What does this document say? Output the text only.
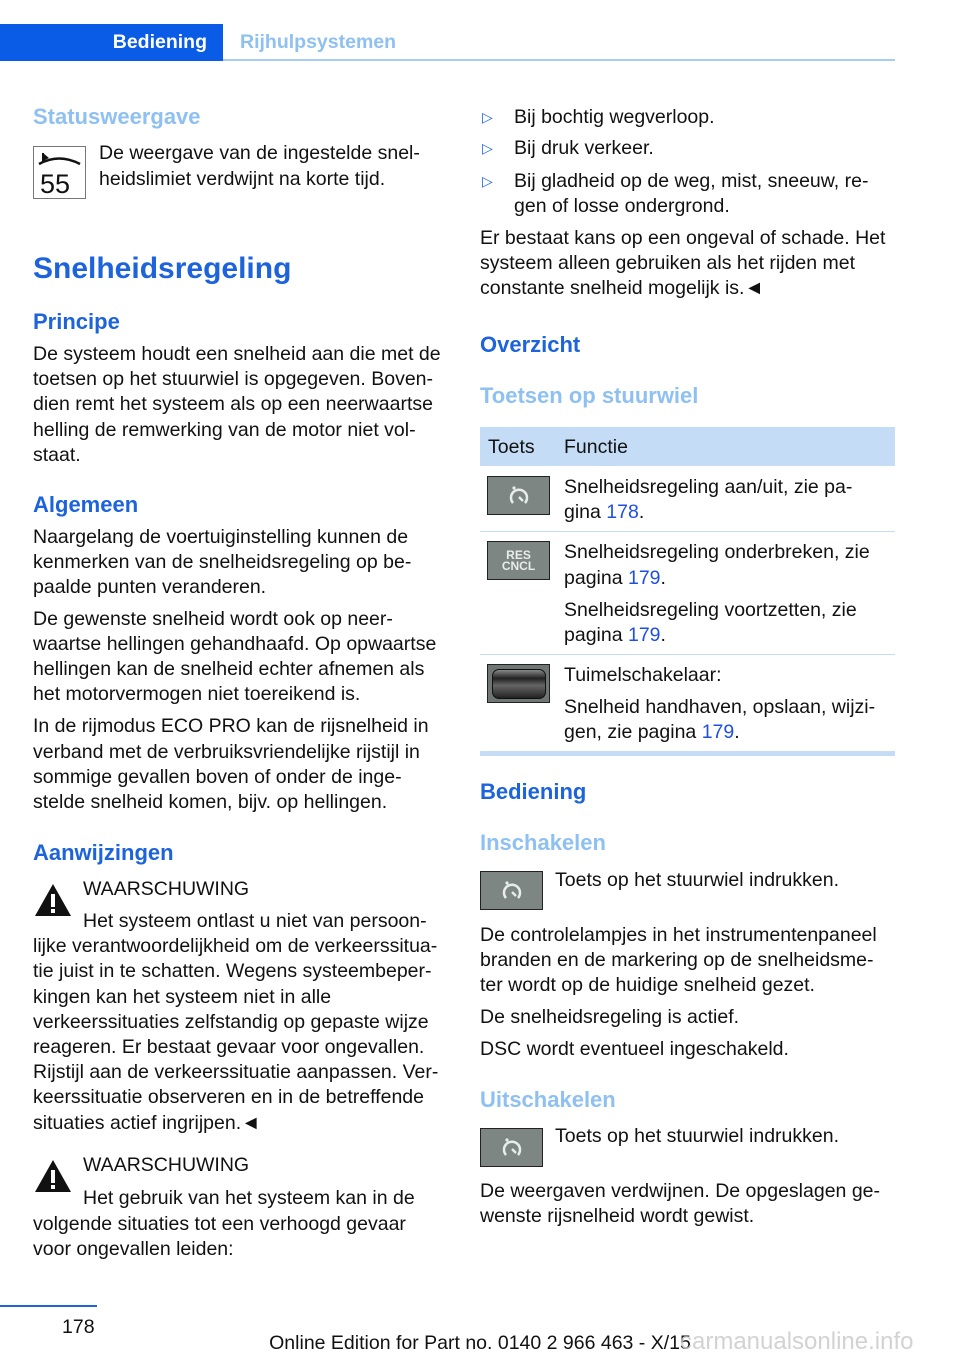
Bediening Rijhulpsystemen
Statusweergave
55
De weergave van de ingestelde snel-
heidslimiet verdwijnt na korte tijd.
Snelheidsregeling
Principe
De systeem houdt een snelheid aan die met de
toetsen op het stuurwiel is opgegeven. Boven-
dien remt het systeem als op een neerwaartse
helling de remwerking van de motor niet vol-
staat.
Algemeen
Naargelang de voertuiginstelling kunnen de
kenmerken van de snelheidsregeling op be-
paalde punten veranderen.
De gewenste snelheid wordt ook op neer-
waartse hellingen gehandhaafd. Op opwaartse
hellingen kan de snelheid echter afnemen als
het motorvermogen niet toereikend is.
In de rijmodus ECO PRO kan de rijsnelheid in
verband met de verbruiksvriendelijke rijstijl in
sommige gevallen boven of onder de inge-
stelde snelheid komen, bijv. op hellingen.
Aanwijzingen
WAARSCHUWING
Het systeem ontlast u niet van persoon-
lijke verantwoordelijkheid om de verkeerssitua-
tie juist in te schatten. Wegens systeembeper-
kingen kan het systeem niet in alle
verkeerssituaties zelfstandig op gepaste wijze
reageren. Er bestaat gevaar voor ongevallen.
Rijstijl aan de verkeerssituatie aanpassen. Ver-
keerssituatie observeren en in de betreffende
situaties actief ingrijpen.◄
WAARSCHUWING
Het gebruik van het systeem kan in de
volgende situaties tot een verhoogd gevaar
voor ongevallen leiden:
▷ Bij bochtig wegverloop.
▷ Bij druk verkeer.
▷ Bij gladheid op de weg, mist, sneeuw, re-
gen of losse ondergrond.
Er bestaat kans op een ongeval of schade. Het
systeem alleen gebruiken als het rijden met
constante snelheid mogelijk is.◄
Overzicht
Toetsen op stuurwiel
Toets Functie
Snelheidsregeling aan/uit, zie pa-
gina 178.
RES
CNCL
Snelheidsregeling onderbreken, zie
pagina 179.
Snelheidsregeling voortzetten, zie
pagina 179.
Tuimelschakelaar:
Snelheid handhaven, opslaan, wijzi-
gen, zie pagina 179.
Bediening
Inschakelen
Toets op het stuurwiel indrukken.
De controlelampjes in het instrumentenpaneel
branden en de markering op de snelheidsme-
ter wordt op de huidige snelheid gezet.
De snelheidsregeling is actief.
DSC wordt eventueel ingeschakeld.
Uitschakelen
Toets op het stuurwiel indrukken.
De weergaven verdwijnen. De opgeslagen ge-
wenste rijsnelheid wordt gewist.
178
Online Edition for Part no. 0140 2 966 463 - X/15
carmanualsonline.info
